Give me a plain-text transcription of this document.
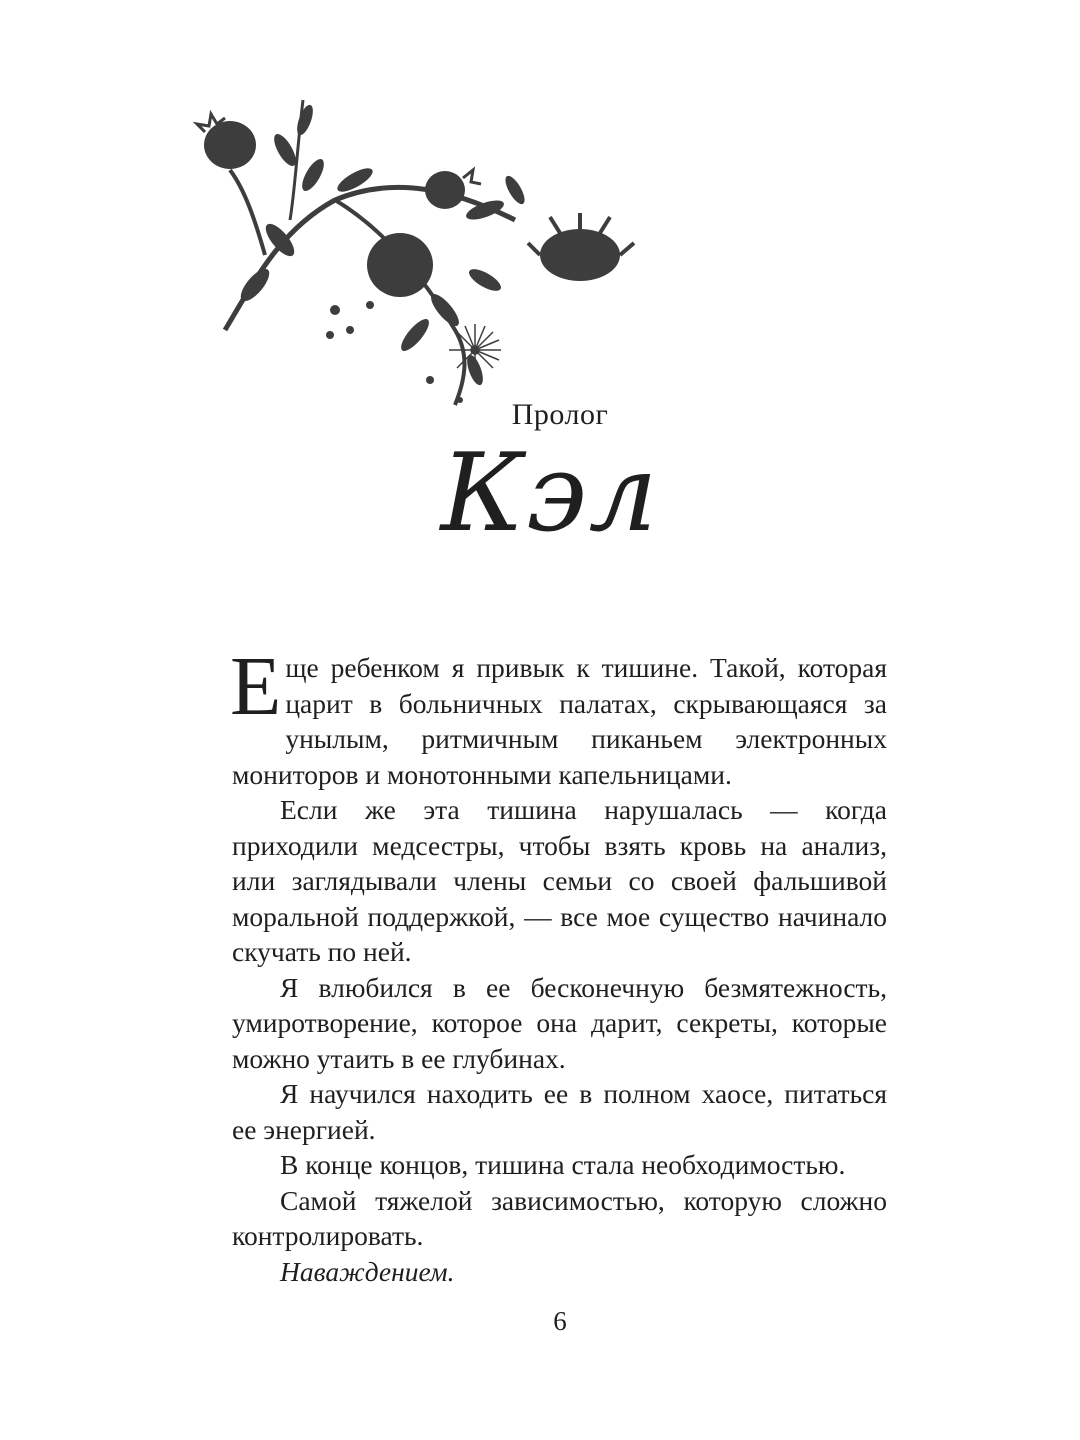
Пролог
Кэл

Еще ребенком я привык к тишине. Такой, которая царит в больничных палатах, скрывающаяся за унылым, ритмичным пиканьем электронных мониторов и монотонными капельницами.

Если же эта тишина нарушалась — когда приходили медсестры, чтобы взять кровь на анализ, или заглядывали члены семьи со своей фальшивой моральной поддержкой, — все мое существо начинало скучать по ней.

Я влюбился в ее бесконечную безмятежность, умиротворение, которое она дарит, секреты, которые можно утаить в ее глубинах.

Я научился находить ее в полном хаосе, питаться ее энергией.

В конце концов, тишина стала необходимостью.

Самой тяжелой зависимостью, которую сложно контролировать.

Наваждением.

6
